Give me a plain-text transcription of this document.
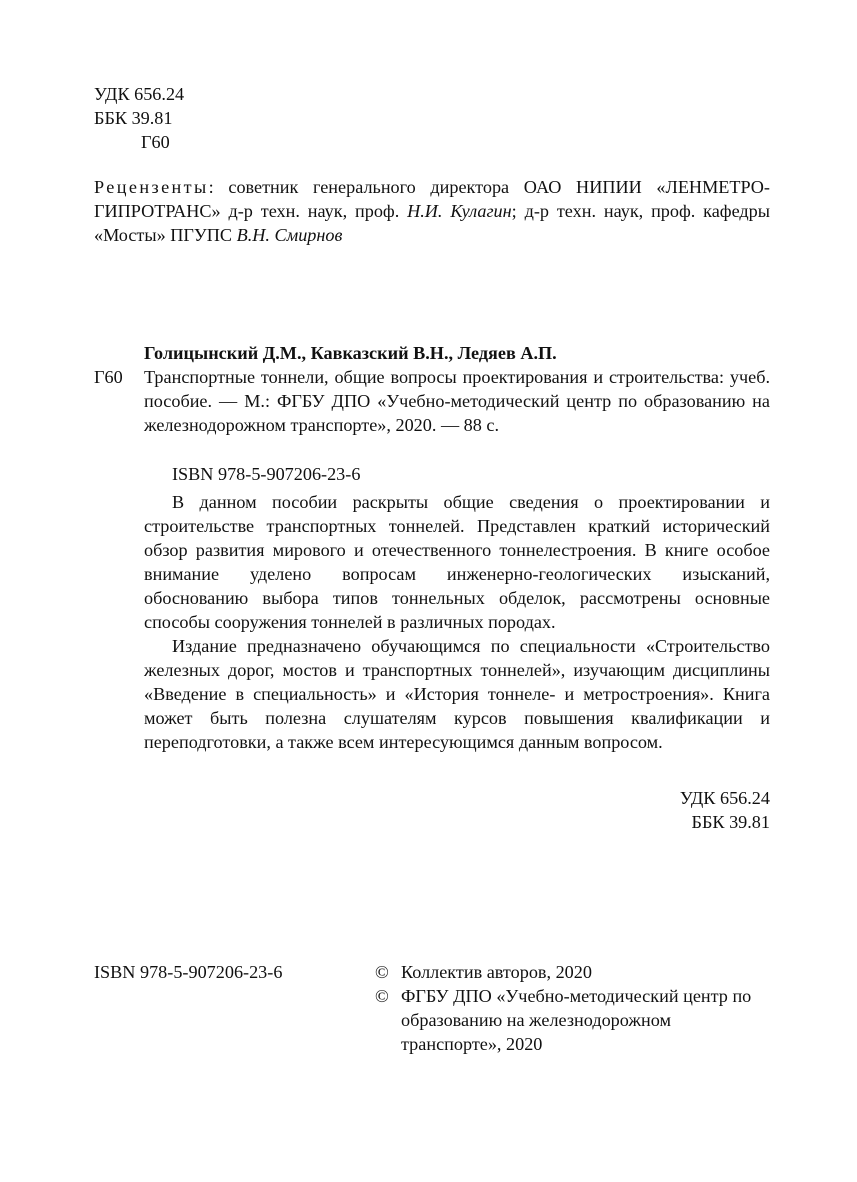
УДК 656.24
ББК 39.81
Г60
Рецензенты: советник генерального директора ОАО НИПИИ «ЛЕНМЕТРО-ГИПРОТРАНС» д-р техн. наук, проф. Н.И. Кулагин; д-р техн. наук, проф. кафедры «Мосты» ПГУПС В.Н. Смирнов
Голицынский Д.М., Кавказский В.Н., Ледяев А.П.
Г60 Транспортные тоннели, общие вопросы проектирования и строительства: учеб. пособие. — М.: ФГБУ ДПО «Учебно-методический центр по образованию на железнодорожном транспорте», 2020. — 88 с.
ISBN 978-5-907206-23-6

В данном пособии раскрыты общие сведения о проектировании и строительстве транспортных тоннелей. Представлен краткий исторический обзор развития мирового и отечественного тоннелестроения. В книге особое внимание уделено вопросам инженерно-геологических изысканий, обоснованию выбора типов тоннельных обделок, рассмотрены основные способы сооружения тоннелей в различных породах.

Издание предназначено обучающимся по специальности «Строительство железных дорог, мостов и транспортных тоннелей», изучающим дисциплины «Введение в специальность» и «История тоннеле- и метростроения». Книга может быть полезна слушателям курсов повышения квалификации и переподготовки, а также всем интересующимся данным вопросом.

УДК 656.24
ББК 39.81
ISBN 978-5-907206-23-6	© Коллектив авторов, 2020
© ФГБУ ДПО «Учебно-методический центр по образованию на железнодорожном транспорте», 2020
